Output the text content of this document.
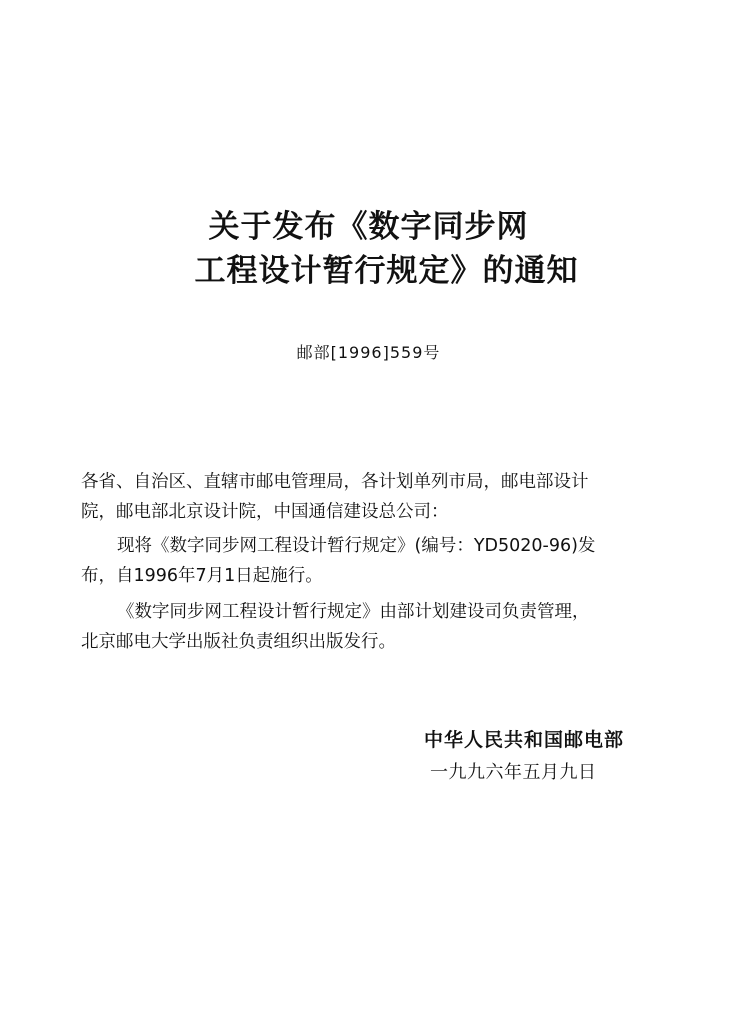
关于发布《数字同步网
工程设计暂行规定》的通知
邮部[1996]559号
各省、自治区、直辖市邮电管理局，各计划单列市局，邮电部设计
院，邮电部北京设计院，中国通信建设总公司：
现将《数字同步网工程设计暂行规定》(编号：YD5020-96)发
布，自1996年7月1日起施行。
《数字同步网工程设计暂行规定》由部计划建设司负责管理，
北京邮电大学出版社负责组织出版发行。
中华人民共和国邮电部
一九九六年五月九日
